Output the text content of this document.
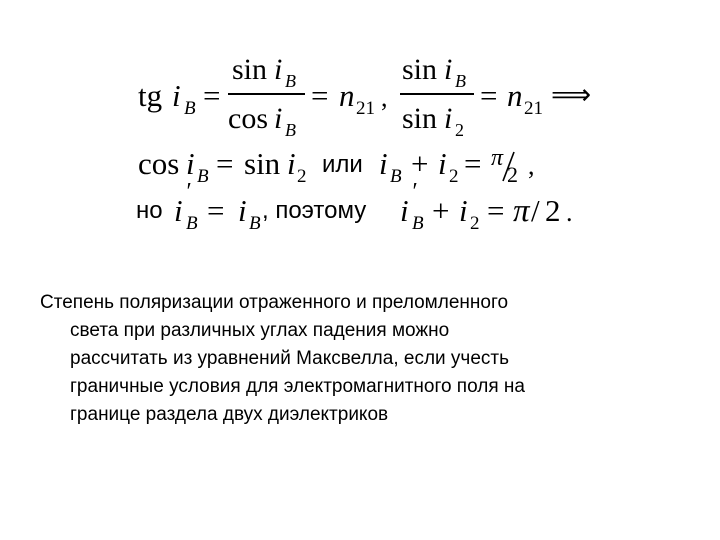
tg i B =
sin i B
cos i B
= n 21 ,
sin i B
sin i 2
= n 21 ⟹
cos i B = sin i 2 или i B + i 2 = π
2 ,
но i
′
B = i B , поэтому i
′
B + i 2 = π / 2 .
Степень поляризации отраженного и преломленного
света при различных углах падения можно
рассчитать из уравнений Максвелла, если учесть
граничные условия для электромагнитного поля на
границе раздела двух диэлектриков
